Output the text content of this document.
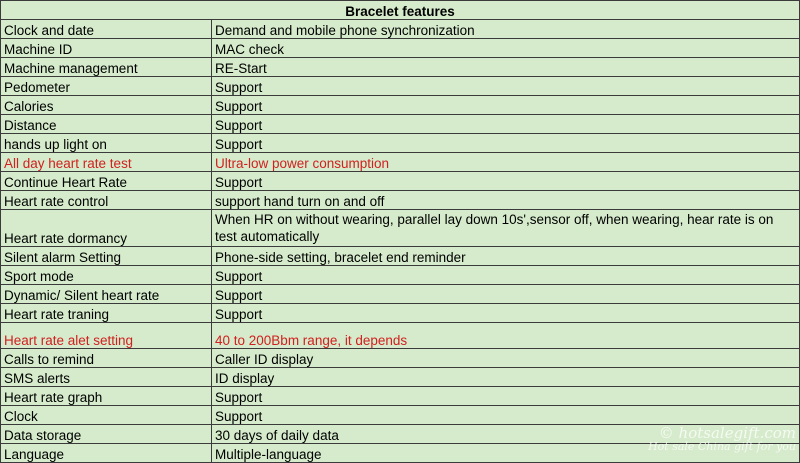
Bracelet features	
Clock and date	Demand and mobile phone synchronization
Machine ID	MAC check
Machine management	RE-Start
Pedometer	Support
Calories	Support
Distance	Support
hands up light on	Support
All day heart rate test	Ultra-low power consumption
Continue Heart Rate	Support
Heart rate control	support hand turn on and off
Heart rate dormancy	When HR on without wearing, parallel lay down 10s',sensor off, when wearing, hear rate is on test automatically
Silent alarm Setting	Phone-side setting, bracelet end reminder
Sport mode	Support
Dynamic/ Silent heart rate	Support
Heart rate traning	Support
Heart rate alet setting	40 to 200Bbm range, it depends
Calls to remind	Caller ID display
SMS alerts	ID display
Heart rate graph	Support
Clock	Support
Data storage	30 days of daily data
Language	Multiple-language
© hotsalegift.com
Hot sale China gift for you
